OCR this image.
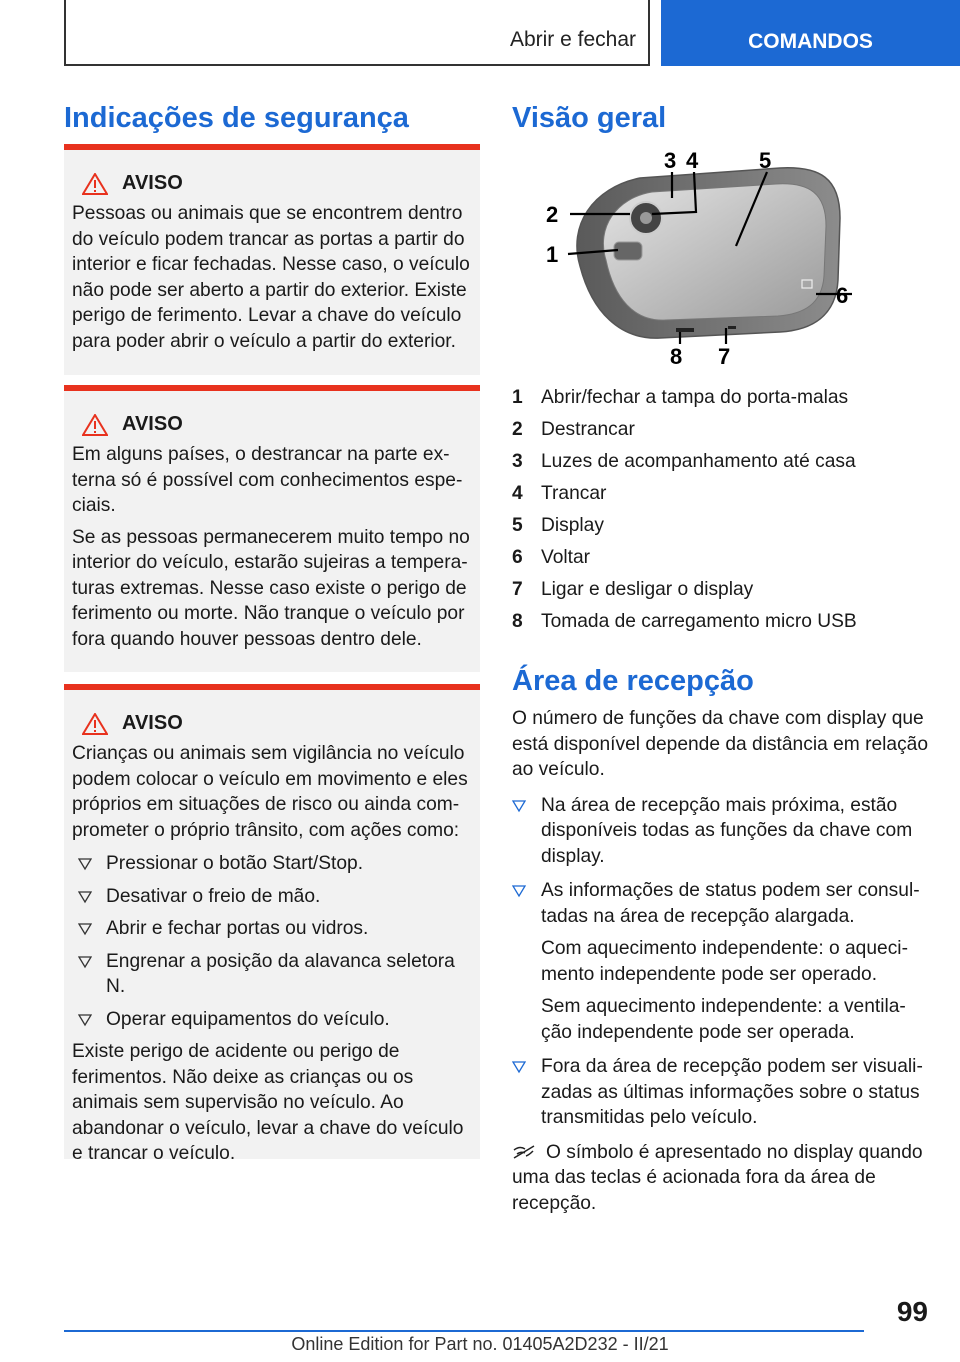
Abrir e fechar	COMANDOS
Indicações de segurança
AVISO

Pessoas ou animais que se encontrem dentro do veículo podem trancar as portas a partir do interior e ficar fechadas. Nesse caso, o veículo não pode ser aberto a partir do exterior. Existe perigo de ferimento. Levar a chave do veículo para poder abrir o veículo a partir do exterior.

AVISO

Em alguns países, o destrancar na parte externa só é possível com conhecimentos especiais.

Se as pessoas permanecerem muito tempo no interior do veículo, estarão sujeiras a temperaturas extremas. Nesse caso existe o perigo de ferimento ou morte. Não tranque o veículo por fora quando houver pessoas dentro dele.

AVISO

Crianças ou animais sem vigilância no veículo podem colocar o veículo em movimento e eles próprios em situações de risco ou ainda comprometer o próprio trânsito, com ações como:

Pressionar o botão Start/Stop.
Desativar o freio de mão.
Abrir e fechar portas ou vidros.
Engrenar a posição da alavanca seletora N.
Operar equipamentos do veículo.

Existe perigo de acidente ou perigo de ferimentos. Não deixe as crianças ou os animais sem supervisão no veículo. Ao abandonar o veículo, levar a chave do veículo e trancar o veículo.

Visão geral
1
2
3 4	5
6
7
8
1 Abrir/fechar a tampa do porta-malas
2 Destrancar
3 Luzes de acompanhamento até casa
4 Trancar
5 Display
6 Voltar
7 Ligar e desligar o display
8 Tomada de carregamento micro USB
Área de recepção

O número de funções da chave com display que está disponível depende da distância em relação ao veículo.

Na área de recepção mais próxima, estão disponíveis todas as funções da chave com display.
As informações de status podem ser consultadas na área de recepção alargada.

Com aquecimento independente: o aquecimento independente pode ser operado.

Sem aquecimento independente: a ventilação independente pode ser operada.

Fora da área de recepção podem ser visualizadas as últimas informações sobre o status transmitidas pelo veículo.

O símbolo é apresentado no display quando uma das teclas é acionada fora da área de recepção.

99
Online Edition for Part no. 01405A2D232 - II/21
